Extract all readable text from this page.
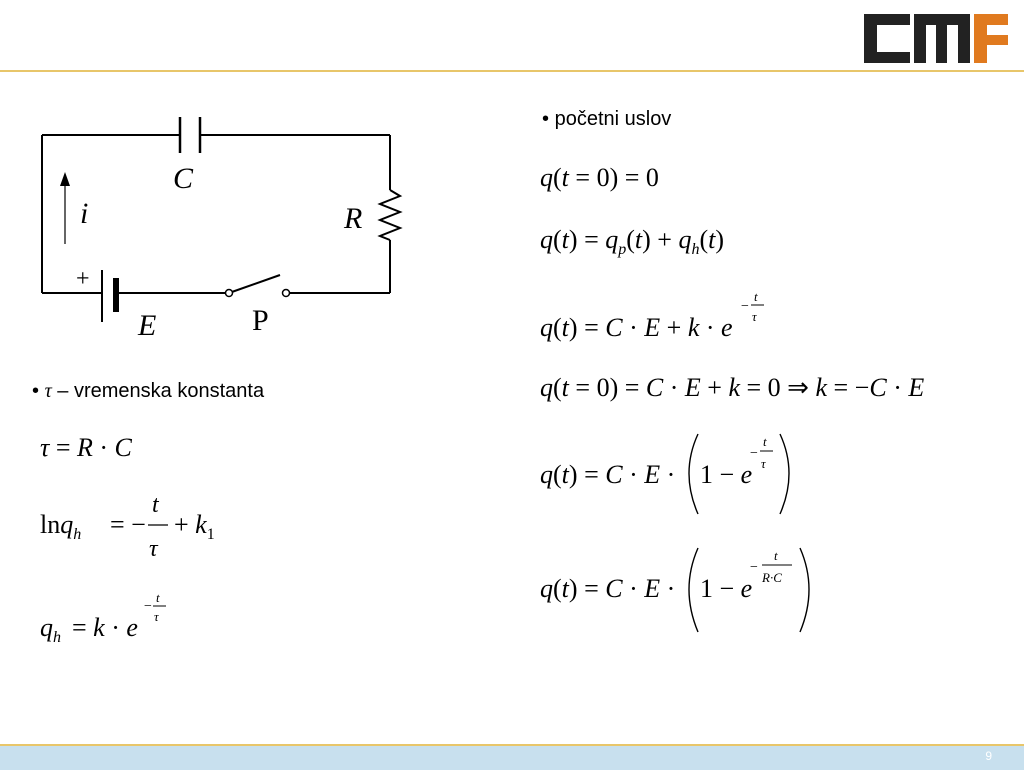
C
R
i
+
E	P
• τ – vremenska konstanta
• početni uslov
τ = R · C
lnq$_h$ = −
t
τ
+ $k_1$
$q_h = k \cdot e$
−
t
τ
q(t = 0) = 0
$q(t) = q_p(t) + q_h(t)$
q(t) = C · E + k · e
−
t
τ
q(t = 0) = C · E + k = 0 ⇒ k = −C · E
q(t) = C · E · 1 − e
−
t
τ
q(t) = C · E · 1 − e
−
t
R·C
9
